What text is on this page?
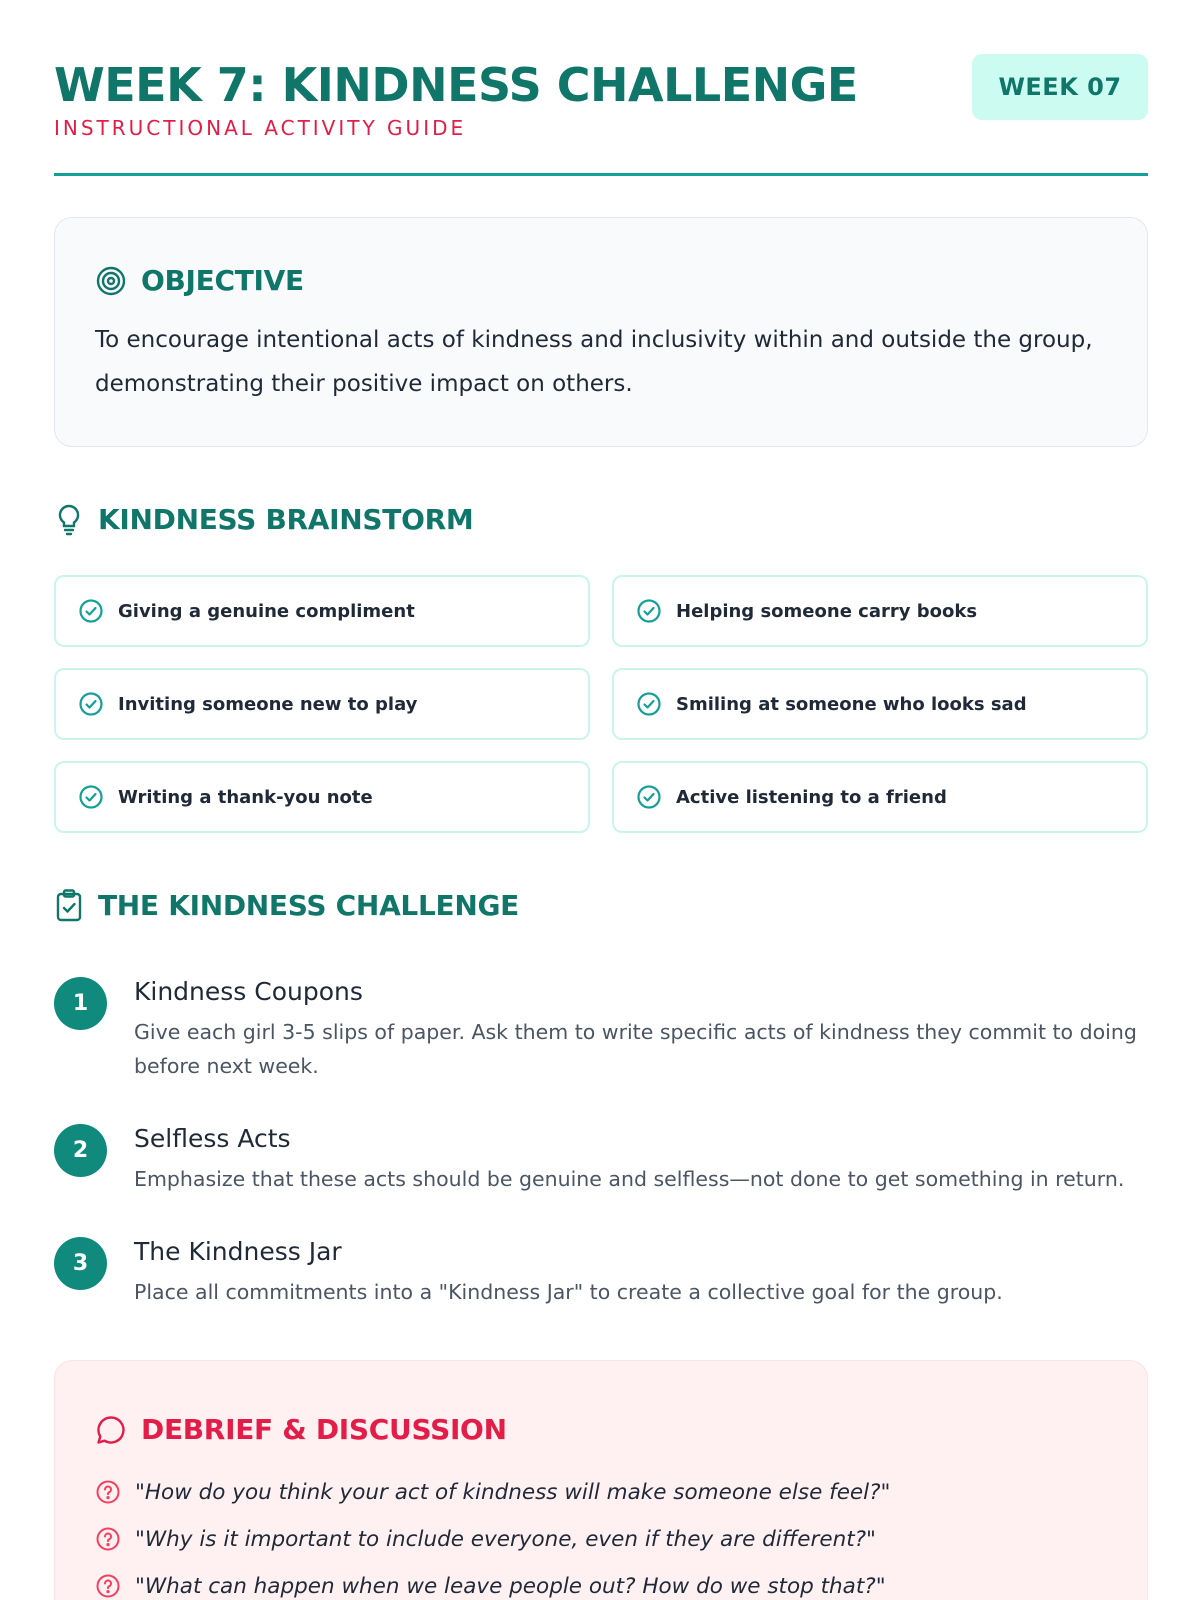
WEEK 7: KINDNESS CHALLENGE
INSTRUCTIONAL ACTIVITY GUIDE
WEEK 07
OBJECTIVE

To encourage intentional acts of kindness and inclusivity within and outside the group, demonstrating their positive impact on others.

KINDNESS BRAINSTORM
Giving a genuine compliment	Helping someone carry books
Inviting someone new to play	Smiling at someone who looks sad
Writing a thank-you note	Active listening to a friend
THE KINDNESS CHALLENGE
1	Kindness Coupons
Give each girl 3-5 slips of paper. Ask them to write specific acts of kindness they commit to doing before next week.
2	Selfless Acts
Emphasize that these acts should be genuine and selfless—not done to get something in return.
3	The Kindness Jar
Place all commitments into a "Kindness Jar" to create a collective goal for the group.
DEBRIEF & DISCUSSION
"How do you think your act of kindness will make someone else feel?"
"Why is it important to include everyone, even if they are different?"
"What can happen when we leave people out? How do we stop that?"
